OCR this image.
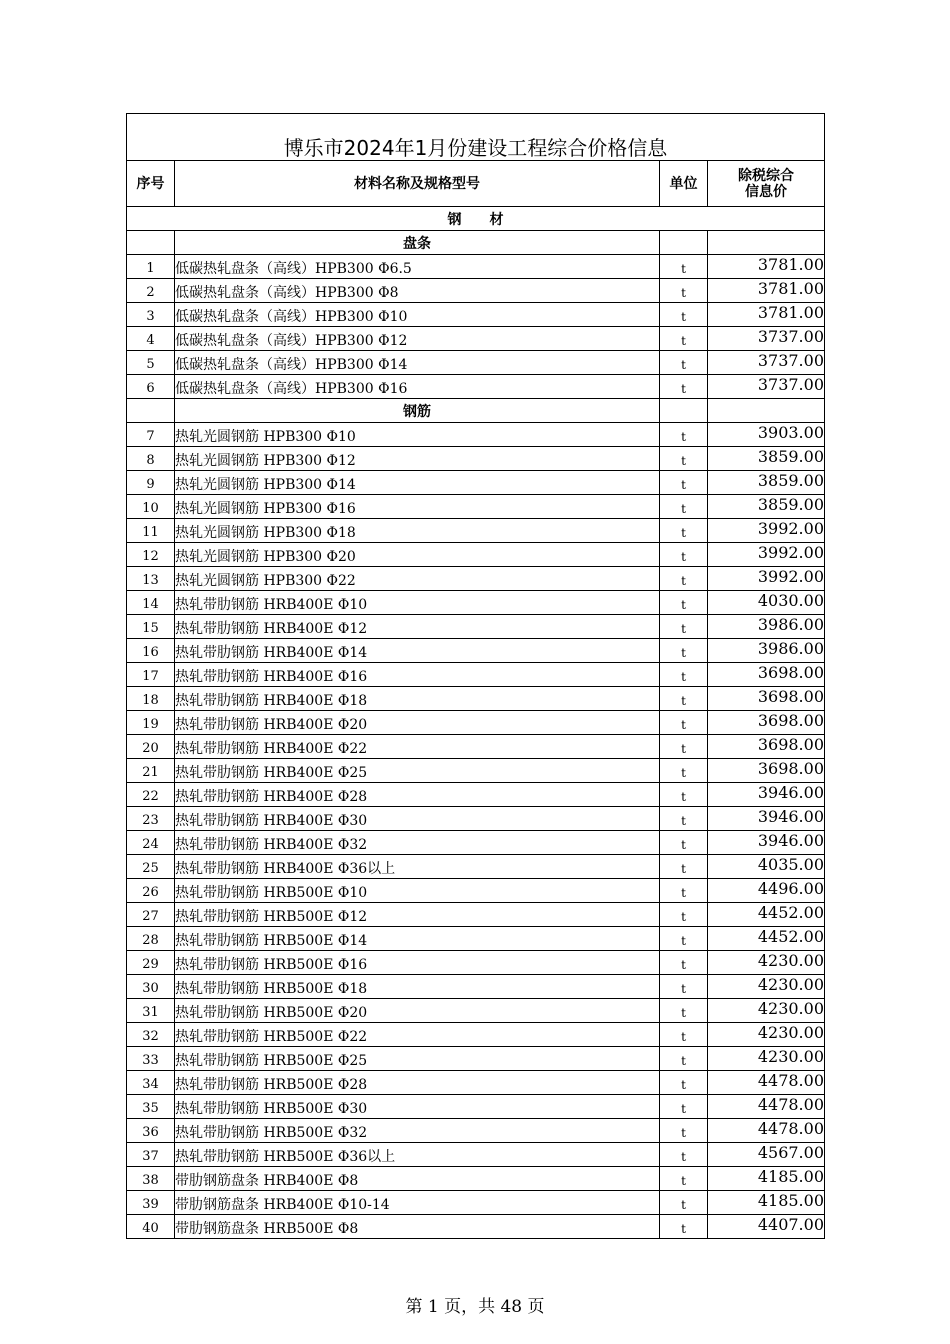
博乐市2024年1月份建设工程综合价格信息			
序号	材料名称及规格型号	单位	除税综合
信息价

钢　　材			
	盘条		
1	低碳热轧盘条（高线）HPB300 Φ6.5	t	3781.00
2	低碳热轧盘条（高线）HPB300 Φ8	t	3781.00
3	低碳热轧盘条（高线）HPB300 Φ10	t	3781.00
4	低碳热轧盘条（高线）HPB300 Φ12	t	3737.00
5	低碳热轧盘条（高线）HPB300 Φ14	t	3737.00
6	低碳热轧盘条（高线）HPB300 Φ16	t	3737.00
	钢筋		
7	热轧光圆钢筋 HPB300 Φ10	t	3903.00
8	热轧光圆钢筋 HPB300 Φ12	t	3859.00
9	热轧光圆钢筋 HPB300 Φ14	t	3859.00
10	热轧光圆钢筋 HPB300 Φ16	t	3859.00
11	热轧光圆钢筋 HPB300 Φ18	t	3992.00
12	热轧光圆钢筋 HPB300 Φ20	t	3992.00
13	热轧光圆钢筋 HPB300 Φ22	t	3992.00
14	热轧带肋钢筋 HRB400E Φ10	t	4030.00
15	热轧带肋钢筋 HRB400E Φ12	t	3986.00
16	热轧带肋钢筋 HRB400E Φ14	t	3986.00
17	热轧带肋钢筋 HRB400E Φ16	t	3698.00
18	热轧带肋钢筋 HRB400E Φ18	t	3698.00
19	热轧带肋钢筋 HRB400E Φ20	t	3698.00
20	热轧带肋钢筋 HRB400E Φ22	t	3698.00
21	热轧带肋钢筋 HRB400E Φ25	t	3698.00
22	热轧带肋钢筋 HRB400E Φ28	t	3946.00
23	热轧带肋钢筋 HRB400E Φ30	t	3946.00
24	热轧带肋钢筋 HRB400E Φ32	t	3946.00
25	热轧带肋钢筋 HRB400E Φ36以上	t	4035.00
26	热轧带肋钢筋 HRB500E Φ10	t	4496.00
27	热轧带肋钢筋 HRB500E Φ12	t	4452.00
28	热轧带肋钢筋 HRB500E Φ14	t	4452.00
29	热轧带肋钢筋 HRB500E Φ16	t	4230.00
30	热轧带肋钢筋 HRB500E Φ18	t	4230.00
31	热轧带肋钢筋 HRB500E Φ20	t	4230.00
32	热轧带肋钢筋 HRB500E Φ22	t	4230.00
33	热轧带肋钢筋 HRB500E Φ25	t	4230.00
34	热轧带肋钢筋 HRB500E Φ28	t	4478.00
35	热轧带肋钢筋 HRB500E Φ30	t	4478.00
36	热轧带肋钢筋 HRB500E Φ32	t	4478.00
37	热轧带肋钢筋 HRB500E Φ36以上	t	4567.00
38	带肋钢筋盘条 HRB400E Φ8	t	4185.00
39	带肋钢筋盘条 HRB400E Φ10-14	t	4185.00
40	带肋钢筋盘条 HRB500E Φ8	t	4407.00
第 1 页，共 48 页
